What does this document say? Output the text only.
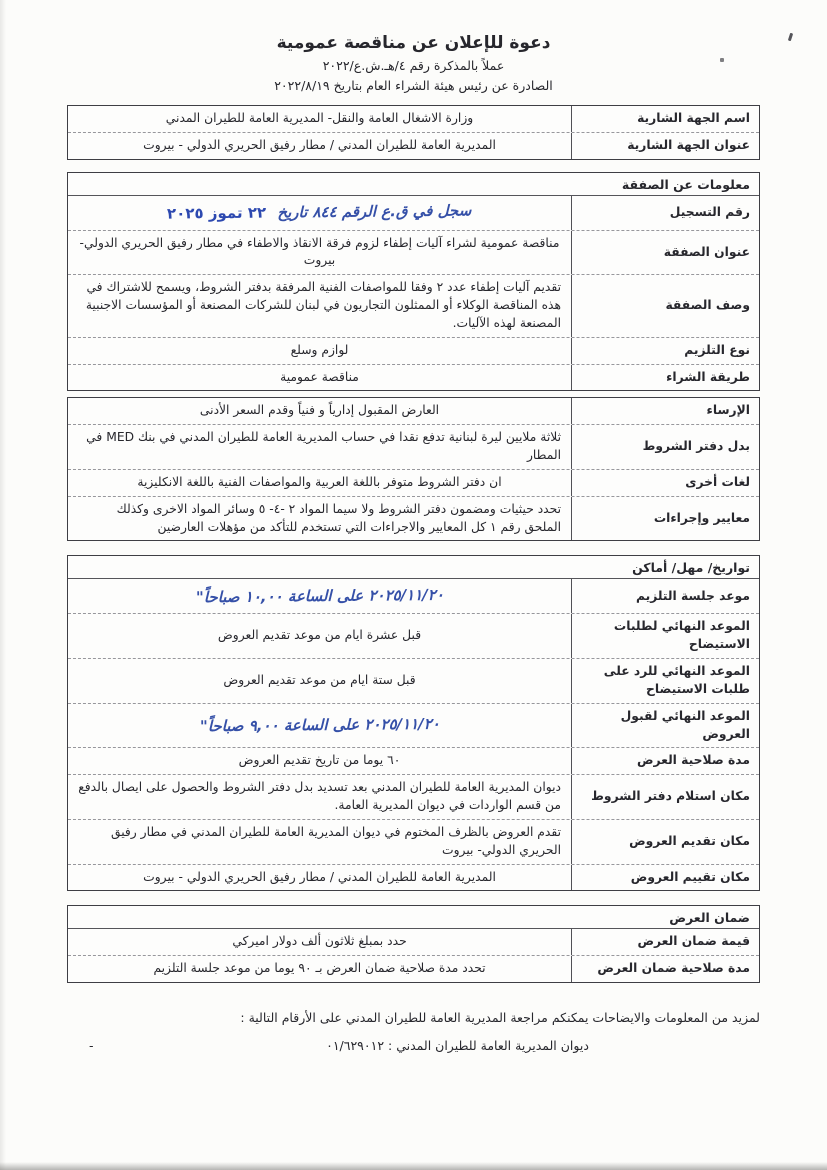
دعوة للإعلان عن مناقصة عمومية
عملاً بالمذكرة رقم ٤/هـ.ش.ع/٢٠٢٢
الصادرة عن رئيس هيئة الشراء العام بتاريخ ٢٠٢٢/٨/١٩
اسم الجهة الشارية
وزارة الاشغال العامة والنقل- المديرية العامة للطيران المدني
عنوان الجهة الشارية
المديرية العامة للطيران المدني / مطار رفيق الحريري الدولي - بيروت
معلومات عن الصفقة
رقم التسجيل
سجل في ق.ع الرقم ٨٤٤ تاريخ ٢٢ تموز ٢٠٢٥
عنوان الصفقة
مناقصة عمومية لشراء آليات إطفاء لزوم فرقة الانقاذ والاطفاء في مطار رفيق الحريري الدولي- بيروت
وصف الصفقة
تقديم آليات إطفاء عدد ٢ وفقا للمواصفات الفنية المرفقة بدفتر الشروط، ويسمح للاشتراك في هذه المناقصة الوكلاء أو الممثلون التجاريون في لبنان للشركات المصنعة أو المؤسسات الاجنبية المصنعة لهذه الآليات.
نوع التلزيم
لوازم وسلع
طريقة الشراء
مناقصة عمومية
الإرساء
العارض المقبول إدارياً و فنياً وقدم السعر الأدنى
بدل دفتر الشروط
ثلاثة ملايين ليرة لبنانية تدفع نقدا في حساب المديرية العامة للطيران المدني في بنك MED في المطار
لغات أخرى
ان دفتر الشروط متوفر باللغة العربية والمواصفات الفنية باللغة الانكليزية
معايير وإجراءات
تحدد حيثيات ومضمون دفتر الشروط ولا سيما المواد ٢ -٤- ٥ وسائر المواد الاخرى وكذلك الملحق رقم ١ كل المعايير والاجراءات التي تستخدم للتأكد من مؤهلات العارضين
تواريخ/ مهل/ أماكن
موعد جلسة التلزيم
٢٠٢٥/١١/٢٠ على الساعة ١٠,٠٠ صباحاً"
الموعد النهائي لطلبات الاستيضاح
قبل عشرة ايام من موعد تقديم العروض
الموعد النهائي للرد على طلبات الاستيضاح
قبل ستة ايام من موعد تقديم العروض
الموعد النهائي لقبول العروض
٢٠٢٥/١١/٢٠ على الساعة ٩,٠٠ صباحاً"
مدة صلاحية العرض
٦٠ يوما من تاريخ تقديم العروض
مكان استلام دفتر الشروط
ديوان المديرية العامة للطيران المدني بعد تسديد بدل دفتر الشروط والحصول على ايصال بالدفع من قسم الواردات في ديوان المديرية العامة.
مكان تقديم العروض
تقدم العروض بالظرف المختوم في ديوان المديرية العامة للطيران المدني في مطار رفيق الحريري الدولي- بيروت
مكان تقييم العروض
المديرية العامة للطيران المدني / مطار رفيق الحريري الدولي - بيروت
ضمان العرض
قيمة ضمان العرض
حدد بمبلغ ثلاثون ألف دولار اميركي
مدة صلاحية ضمان العرض
تحدد مدة صلاحية ضمان العرض بـ ٩٠ يوما من موعد جلسة التلزيم
لمزيد من المعلومات والايضاحات يمكنكم مراجعة المديرية العامة للطيران المدني على الأرقام التالية :
-	ديوان المديرية العامة للطيران المدني : ٠١/٦٢٩٠١٢
